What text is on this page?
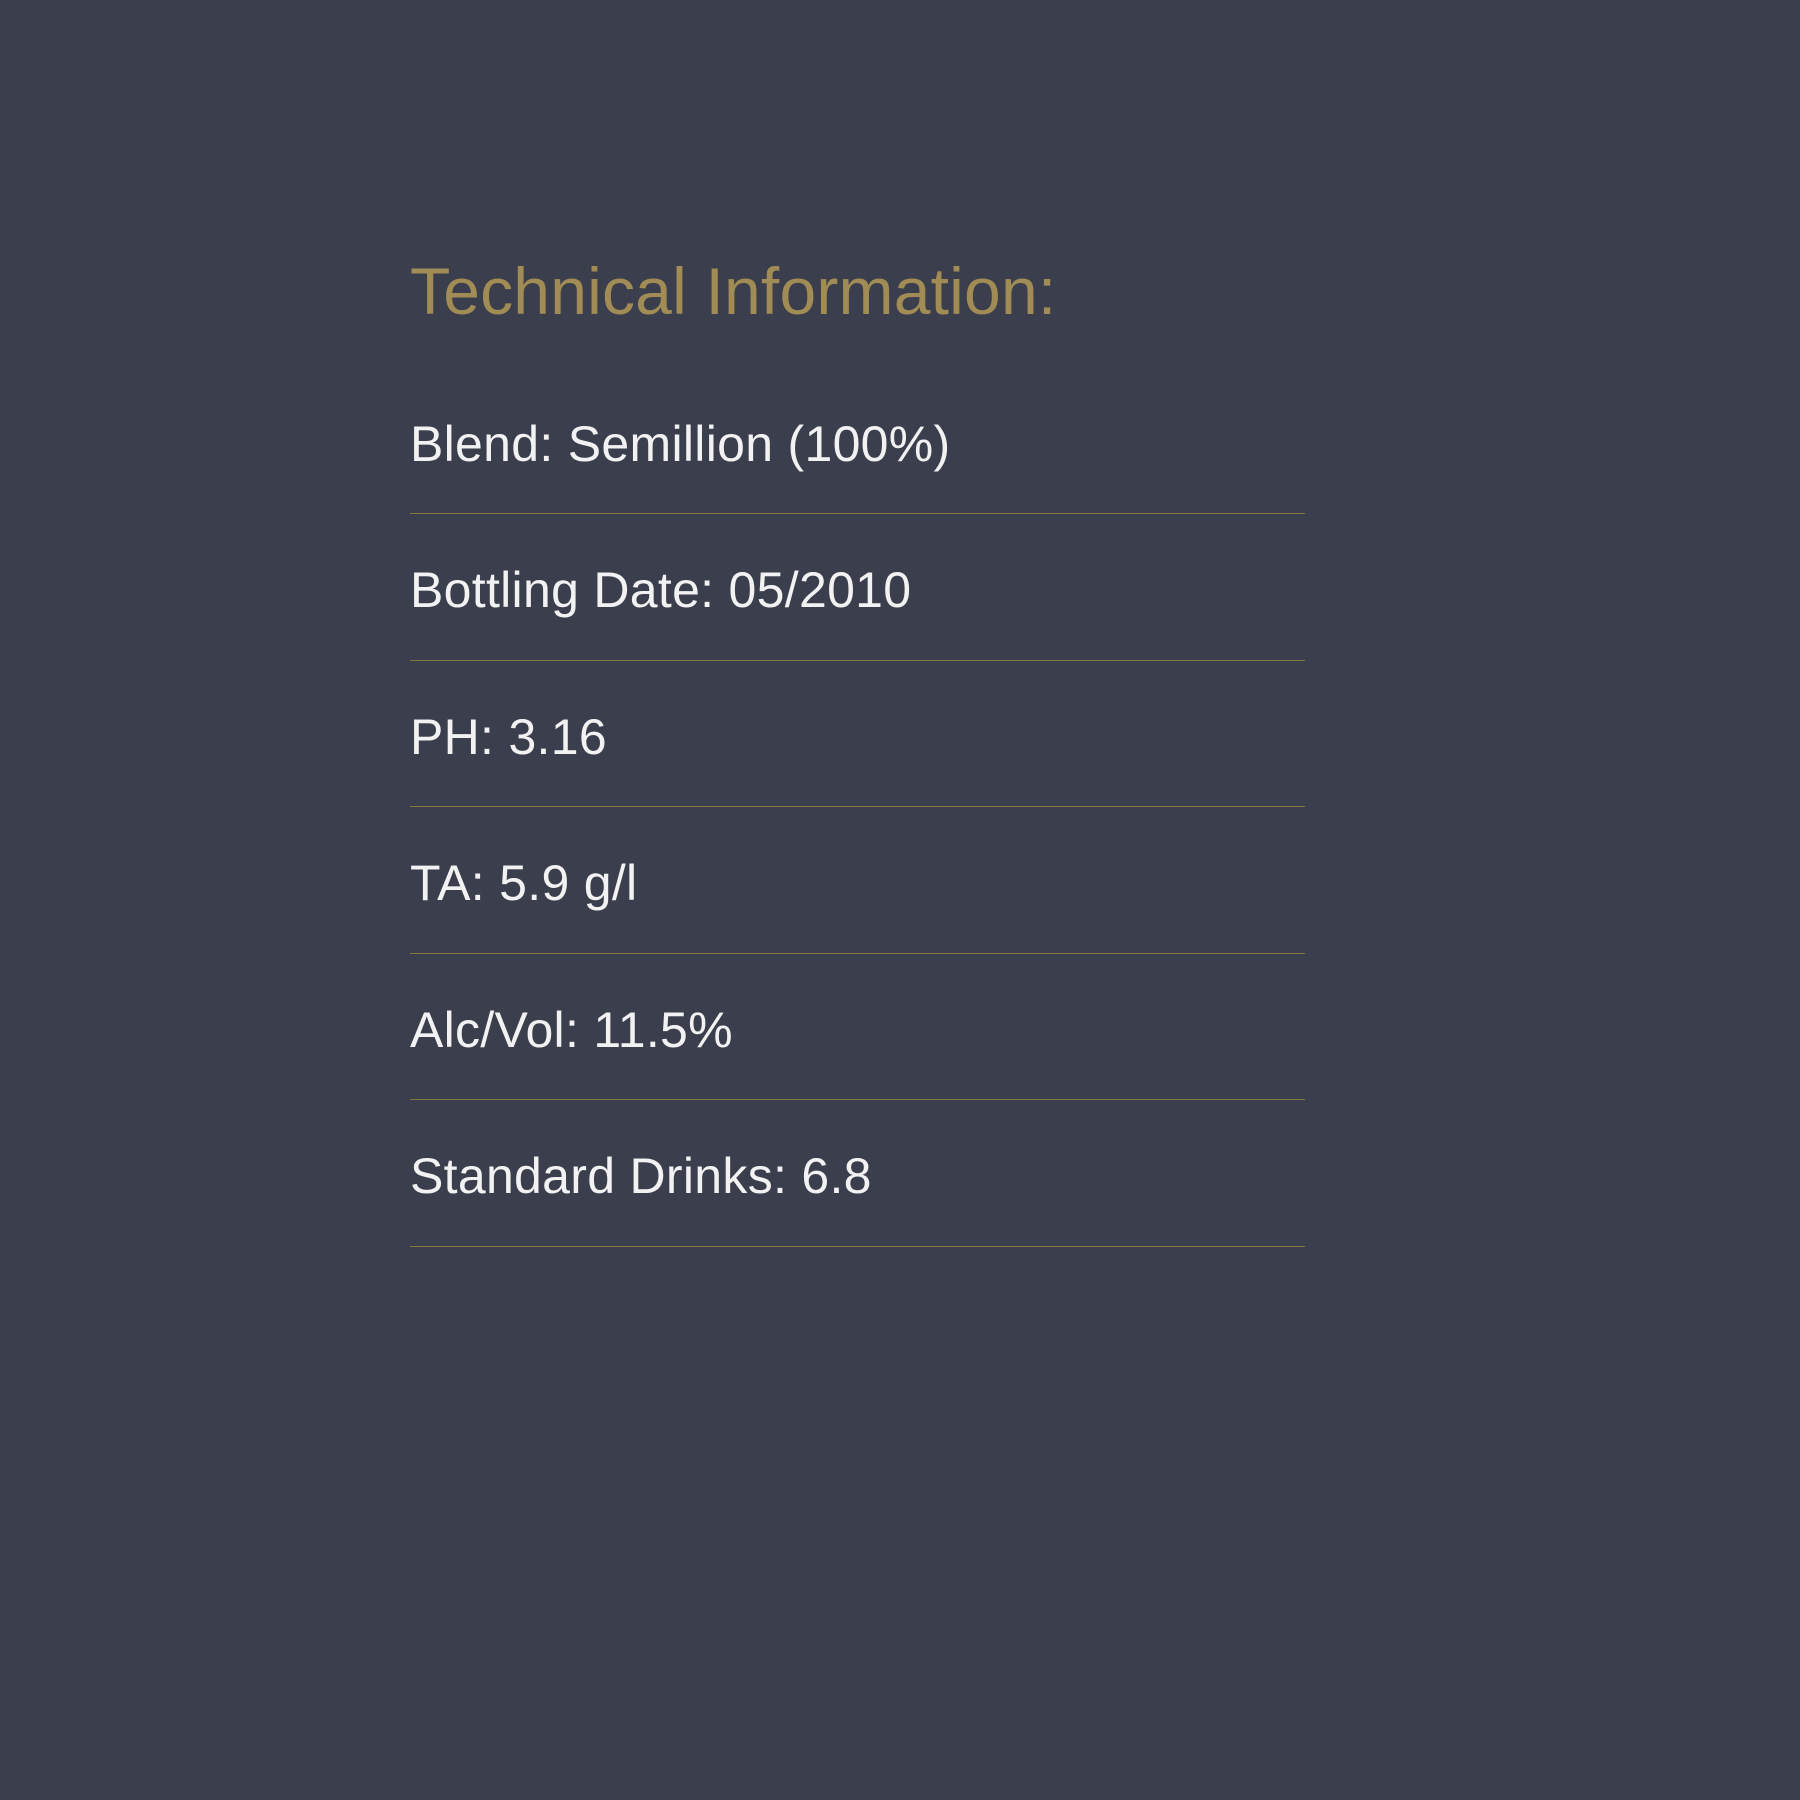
Technical Information:
Blend: Semillion (100%)
Bottling Date: 05/2010
PH: 3.16
TA: 5.9 g/l
Alc/Vol: 11.5%
Standard Drinks: 6.8
